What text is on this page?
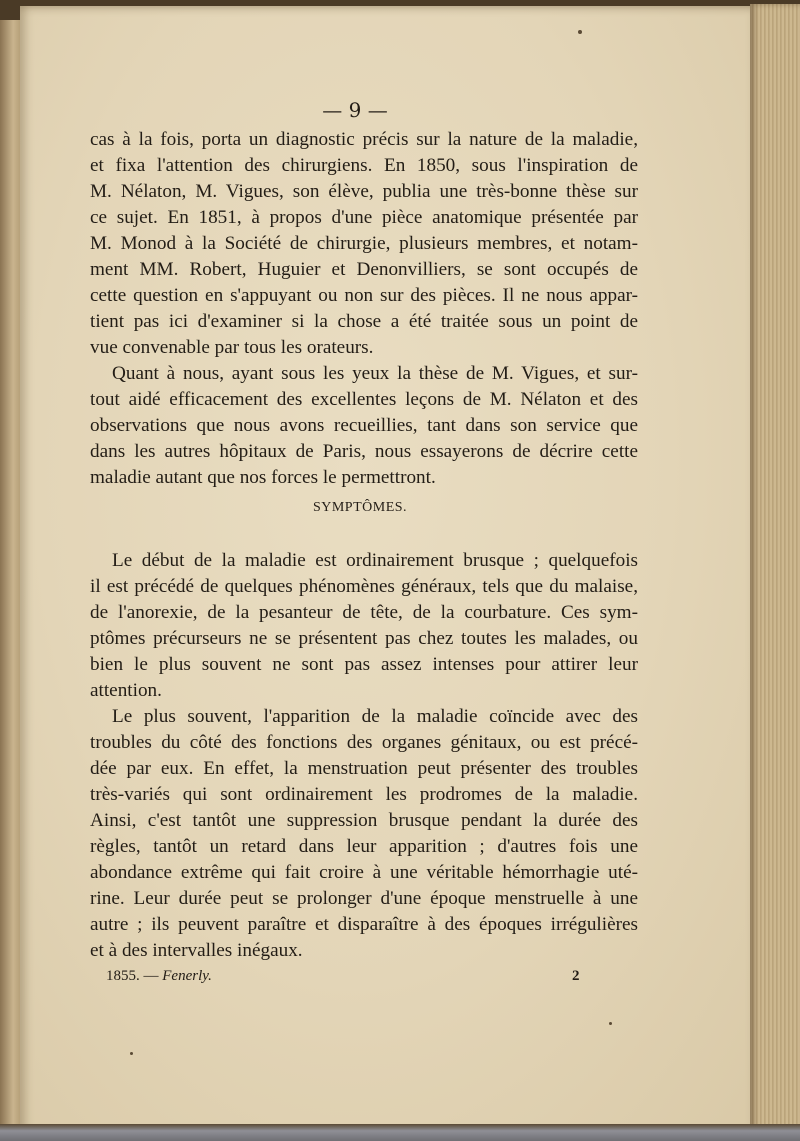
— 9 —
cas à la fois, porta un diagnostic précis sur la nature de la maladie,
et fixa l'attention des chirurgiens. En 1850, sous l'inspiration de
M. Nélaton, M. Vigues, son élève, publia une très-bonne thèse sur
ce sujet. En 1851, à propos d'une pièce anatomique présentée par
M. Monod à la Société de chirurgie, plusieurs membres, et notam-
ment MM. Robert, Huguier et Denonvilliers, se sont occupés de
cette question en s'appuyant ou non sur des pièces. Il ne nous appar-
tient pas ici d'examiner si la chose a été traitée sous un point de
vue convenable par tous les orateurs.
Quant à nous, ayant sous les yeux la thèse de M. Vigues, et sur-
tout aidé efficacement des excellentes leçons de M. Nélaton et des
observations que nous avons recueillies, tant dans son service que
dans les autres hôpitaux de Paris, nous essayerons de décrire cette
maladie autant que nos forces le permettront.
SYMPTÔMES.
Le début de la maladie est ordinairement brusque ; quelquefois
il est précédé de quelques phénomènes généraux, tels que du malaise,
de l'anorexie, de la pesanteur de tête, de la courbature. Ces sym-
ptômes précurseurs ne se présentent pas chez toutes les malades, ou
bien le plus souvent ne sont pas assez intenses pour attirer leur
attention.
Le plus souvent, l'apparition de la maladie coïncide avec des
troubles du côté des fonctions des organes génitaux, ou est précé-
dée par eux. En effet, la menstruation peut présenter des troubles
très-variés qui sont ordinairement les prodromes de la maladie.
Ainsi, c'est tantôt une suppression brusque pendant la durée des
règles, tantôt un retard dans leur apparition ; d'autres fois une
abondance extrême qui fait croire à une véritable hémorrhagie uté-
rine. Leur durée peut se prolonger d'une époque menstruelle à une
autre ; ils peuvent paraître et disparaître à des époques irrégulières
et à des intervalles inégaux.
1855. — Fenerly.	2
